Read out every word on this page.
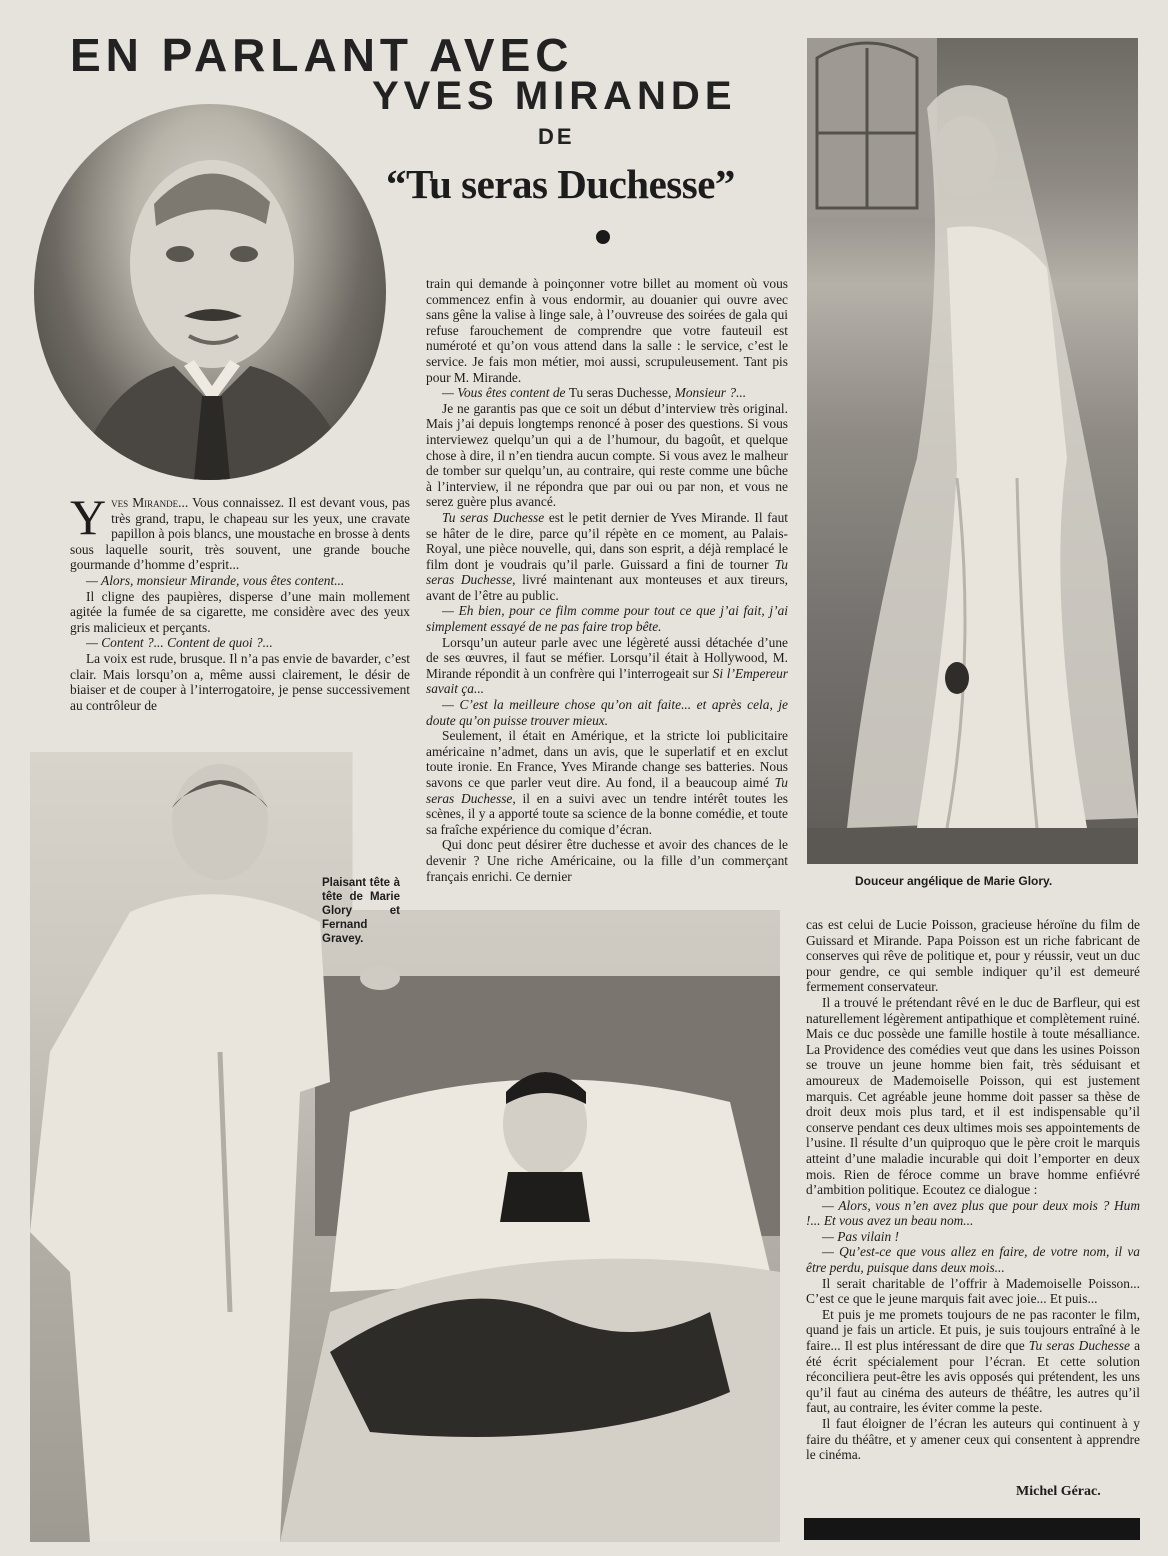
EN PARLANT AVEC
YVES MIRANDE
DE
“Tu seras Duchesse”
Douceur angélique de Marie Glory.

Yves Mirande... Vous connaissez. Il est devant vous, pas très grand, trapu, le chapeau sur les yeux, une cravate papillon à pois blancs, une moustache en brosse à dents sous laquelle sourit, très souvent, une grande bouche gourmande d’homme d’esprit...

— Alors, monsieur Mirande, vous êtes content...

Il cligne des paupières, disperse d’une main mollement agitée la fumée de sa cigarette, me considère avec des yeux gris malicieux et perçants.

— Content ?... Content de quoi ?...

La voix est rude, brusque. Il n’a pas envie de bavarder, c’est clair. Mais lorsqu’on a, même aussi clairement, le désir de biaiser et de couper à l’interrogatoire, je pense successivement au contrôleur de

train qui demande à poinçonner votre billet au moment où vous commencez enfin à vous endormir, au douanier qui ouvre avec sans gêne la valise à linge sale, à l’ouvreuse des soirées de gala qui refuse farouchement de comprendre que votre fauteuil est numéroté et qu’on vous attend dans la salle : le service, c’est le service. Je fais mon métier, moi aussi, scrupuleusement. Tant pis pour M. Mirande.

— Vous êtes content de Tu seras Duchesse, Monsieur ?...

Je ne garantis pas que ce soit un début d’interview très original. Mais j’ai depuis longtemps renoncé à poser des questions. Si vous interviewez quelqu’un qui a de l’humour, du bagoût, et quelque chose à dire, il n’en tiendra aucun compte. Si vous avez le malheur de tomber sur quelqu’un, au contraire, qui reste comme une bûche à l’interview, il ne répondra que par oui ou par non, et vous ne serez guère plus avancé.

Tu seras Duchesse est le petit dernier de Yves Mirande. Il faut se hâter de le dire, parce qu’il répète en ce moment, au Palais-Royal, une pièce nouvelle, qui, dans son esprit, a déjà remplacé le film dont je voudrais qu’il parle. Guissard a fini de tourner Tu seras Duchesse, livré maintenant aux monteuses et aux tireurs, avant de l’être au public.

— Eh bien, pour ce film comme pour tout ce que j’ai fait, j’ai simplement essayé de ne pas faire trop bête.

Lorsqu’un auteur parle avec une légèreté aussi détachée d’une de ses œuvres, il faut se méfier. Lorsqu’il était à Hollywood, M. Mirande répondit à un confrère qui l’interrogeait sur Si l’Empereur savait ça...

— C’est la meilleure chose qu’on ait faite... et après cela, je doute qu’on puisse trouver mieux.

Seulement, il était en Amérique, et la stricte loi publicitaire américaine n’admet, dans un avis, que le superlatif et en exclut toute ironie. En France, Yves Mirande change ses batteries. Nous savons ce que parler veut dire. Au fond, il a beaucoup aimé Tu seras Duchesse, il en a suivi avec un tendre intérêt toutes les scènes, il y a apporté toute sa science de la bonne comédie, et toute sa fraîche expérience du comique d’écran.

Qui donc peut désirer être duchesse et avoir des chances de le devenir ? Une riche Américaine, ou la fille d’un commerçant français enrichi. Ce dernier

Plaisant tête à tête de Marie Glory et Fernand Gravey.

cas est celui de Lucie Poisson, gracieuse héroïne du film de Guissard et Mirande. Papa Poisson est un riche fabricant de conserves qui rêve de politique et, pour y réussir, veut un duc pour gendre, ce qui semble indiquer qu’il est demeuré fermement conservateur.

Il a trouvé le prétendant rêvé en le duc de Barfleur, qui est naturellement légèrement antipathique et complètement ruiné. Mais ce duc possède une famille hostile à toute mésalliance. La Providence des comédies veut que dans les usines Poisson se trouve un jeune homme bien fait, très séduisant et amoureux de Mademoiselle Poisson, qui est justement marquis. Cet agréable jeune homme doit passer sa thèse de droit deux mois plus tard, et il est indispensable qu’il conserve pendant ces deux ultimes mois ses appointements de l’usine. Il résulte d’un quiproquo que le père croit le marquis atteint d’une maladie incurable qui doit l’emporter en deux mois. Rien de féroce comme un brave homme enfiévré d’ambition politique. Ecoutez ce dialogue :

— Alors, vous n’en avez plus que pour deux mois ? Hum !... Et vous avez un beau nom...

— Pas vilain !

— Qu’est-ce que vous allez en faire, de votre nom, il va être perdu, puisque dans deux mois...

Il serait charitable de l’offrir à Mademoiselle Poisson... C’est ce que le jeune marquis fait avec joie... Et puis...

Et puis je me promets toujours de ne pas raconter le film, quand je fais un article. Et puis, je suis toujours entraîné à le faire... Il est plus intéressant de dire que Tu seras Duchesse a été écrit spécialement pour l’écran. Et cette solution réconciliera peut-être les avis opposés qui prétendent, les uns qu’il faut au cinéma des auteurs de théâtre, les autres qu’il faut, au contraire, les éviter comme la peste.

Il faut éloigner de l’écran les auteurs qui continuent à y faire du théâtre, et y amener ceux qui consentent à apprendre le cinéma.

Michel Gérac.
